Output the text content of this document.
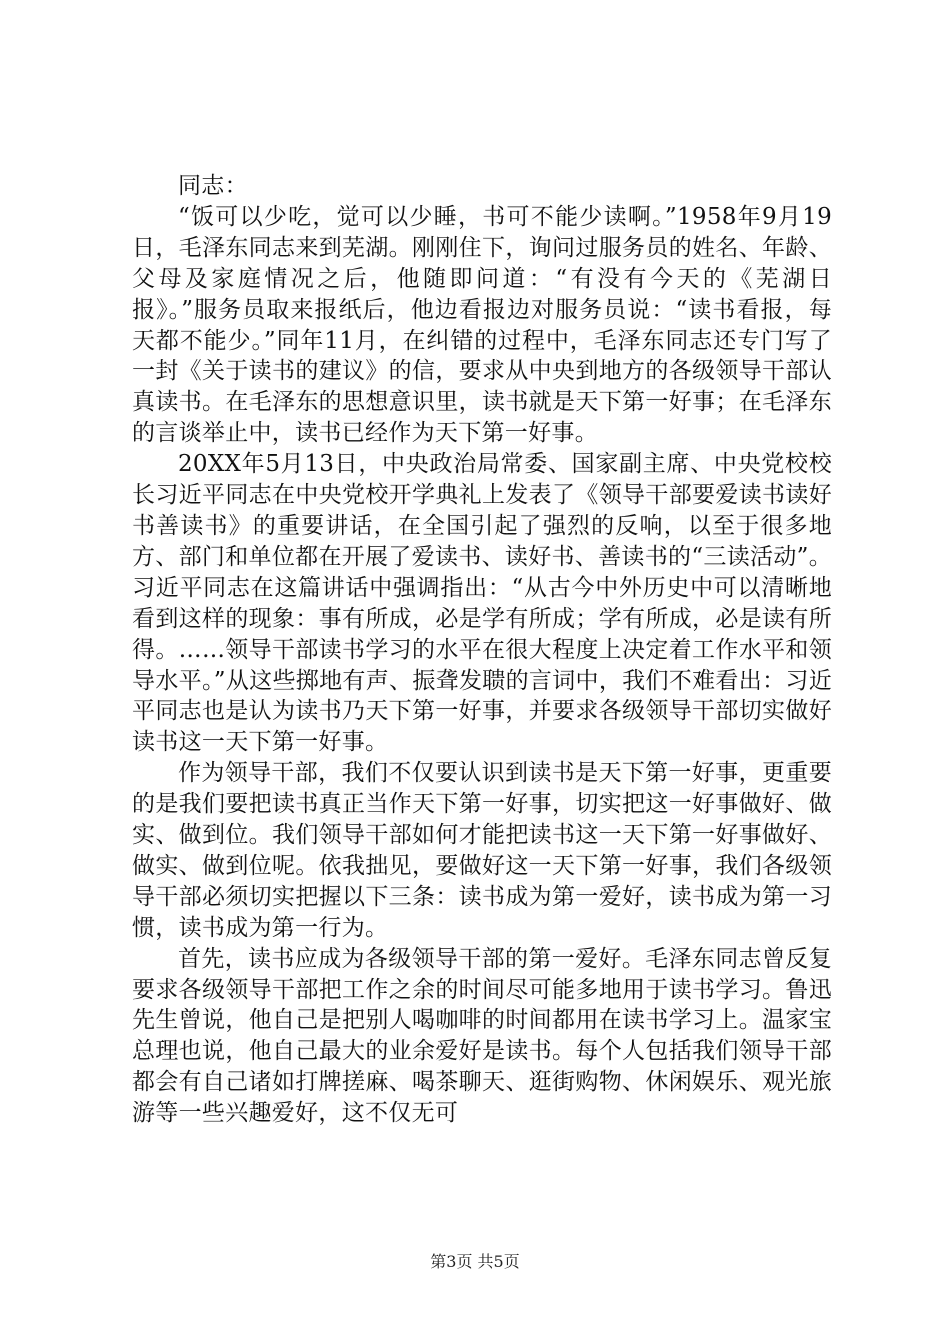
同志：

“饭可以少吃，觉可以少睡，书可不能少读啊。”1958年9月19日，毛泽东同志来到芜湖。刚刚住下，询问过服务员的姓名、年龄、父母及家庭情况之后，他随即问道：“有没有今天的《芜湖日报》。”服务员取来报纸后，他边看报边对服务员说：“读书看报，每天都不能少。”同年11月，在纠错的过程中，毛泽东同志还专门写了一封《关于读书的建议》的信，要求从中央到地方的各级领导干部认真读书。在毛泽东的思想意识里，读书就是天下第一好事；在毛泽东的言谈举止中，读书已经作为天下第一好事。

20XX年5月13日，中央政治局常委、国家副主席、中央党校校长习近平同志在中央党校开学典礼上发表了《领导干部要爱读书读好书善读书》的重要讲话，在全国引起了强烈的反响，以至于很多地方、部门和单位都在开展了爱读书、读好书、善读书的“三读活动”。习近平同志在这篇讲话中强调指出：“从古今中外历史中可以清晰地看到这样的现象：事有所成，必是学有所成；学有所成，必是读有所得。……领导干部读书学习的水平在很大程度上决定着工作水平和领导水平。”从这些掷地有声、振聋发聩的言词中，我们不难看出：习近平同志也是认为读书乃天下第一好事，并要求各级领导干部切实做好读书这一天下第一好事。

作为领导干部，我们不仅要认识到读书是天下第一好事，更重要的是我们要把读书真正当作天下第一好事，切实把这一好事做好、做实、做到位。我们领导干部如何才能把读书这一天下第一好事做好、做实、做到位呢。依我拙见，要做好这一天下第一好事，我们各级领导干部必须切实把握以下三条：读书成为第一爱好，读书成为第一习惯，读书成为第一行为。

首先，读书应成为各级领导干部的第一爱好。毛泽东同志曾反复要求各级领导干部把工作之余的时间尽可能多地用于读书学习。鲁迅先生曾说，他自己是把别人喝咖啡的时间都用在读书学习上。温家宝总理也说，他自己最大的业余爱好是读书。每个人包括我们领导干部都会有自己诸如打牌搓麻、喝茶聊天、逛街购物、休闲娱乐、观光旅游等一些兴趣爱好，这不仅无可

第3页 共5页
